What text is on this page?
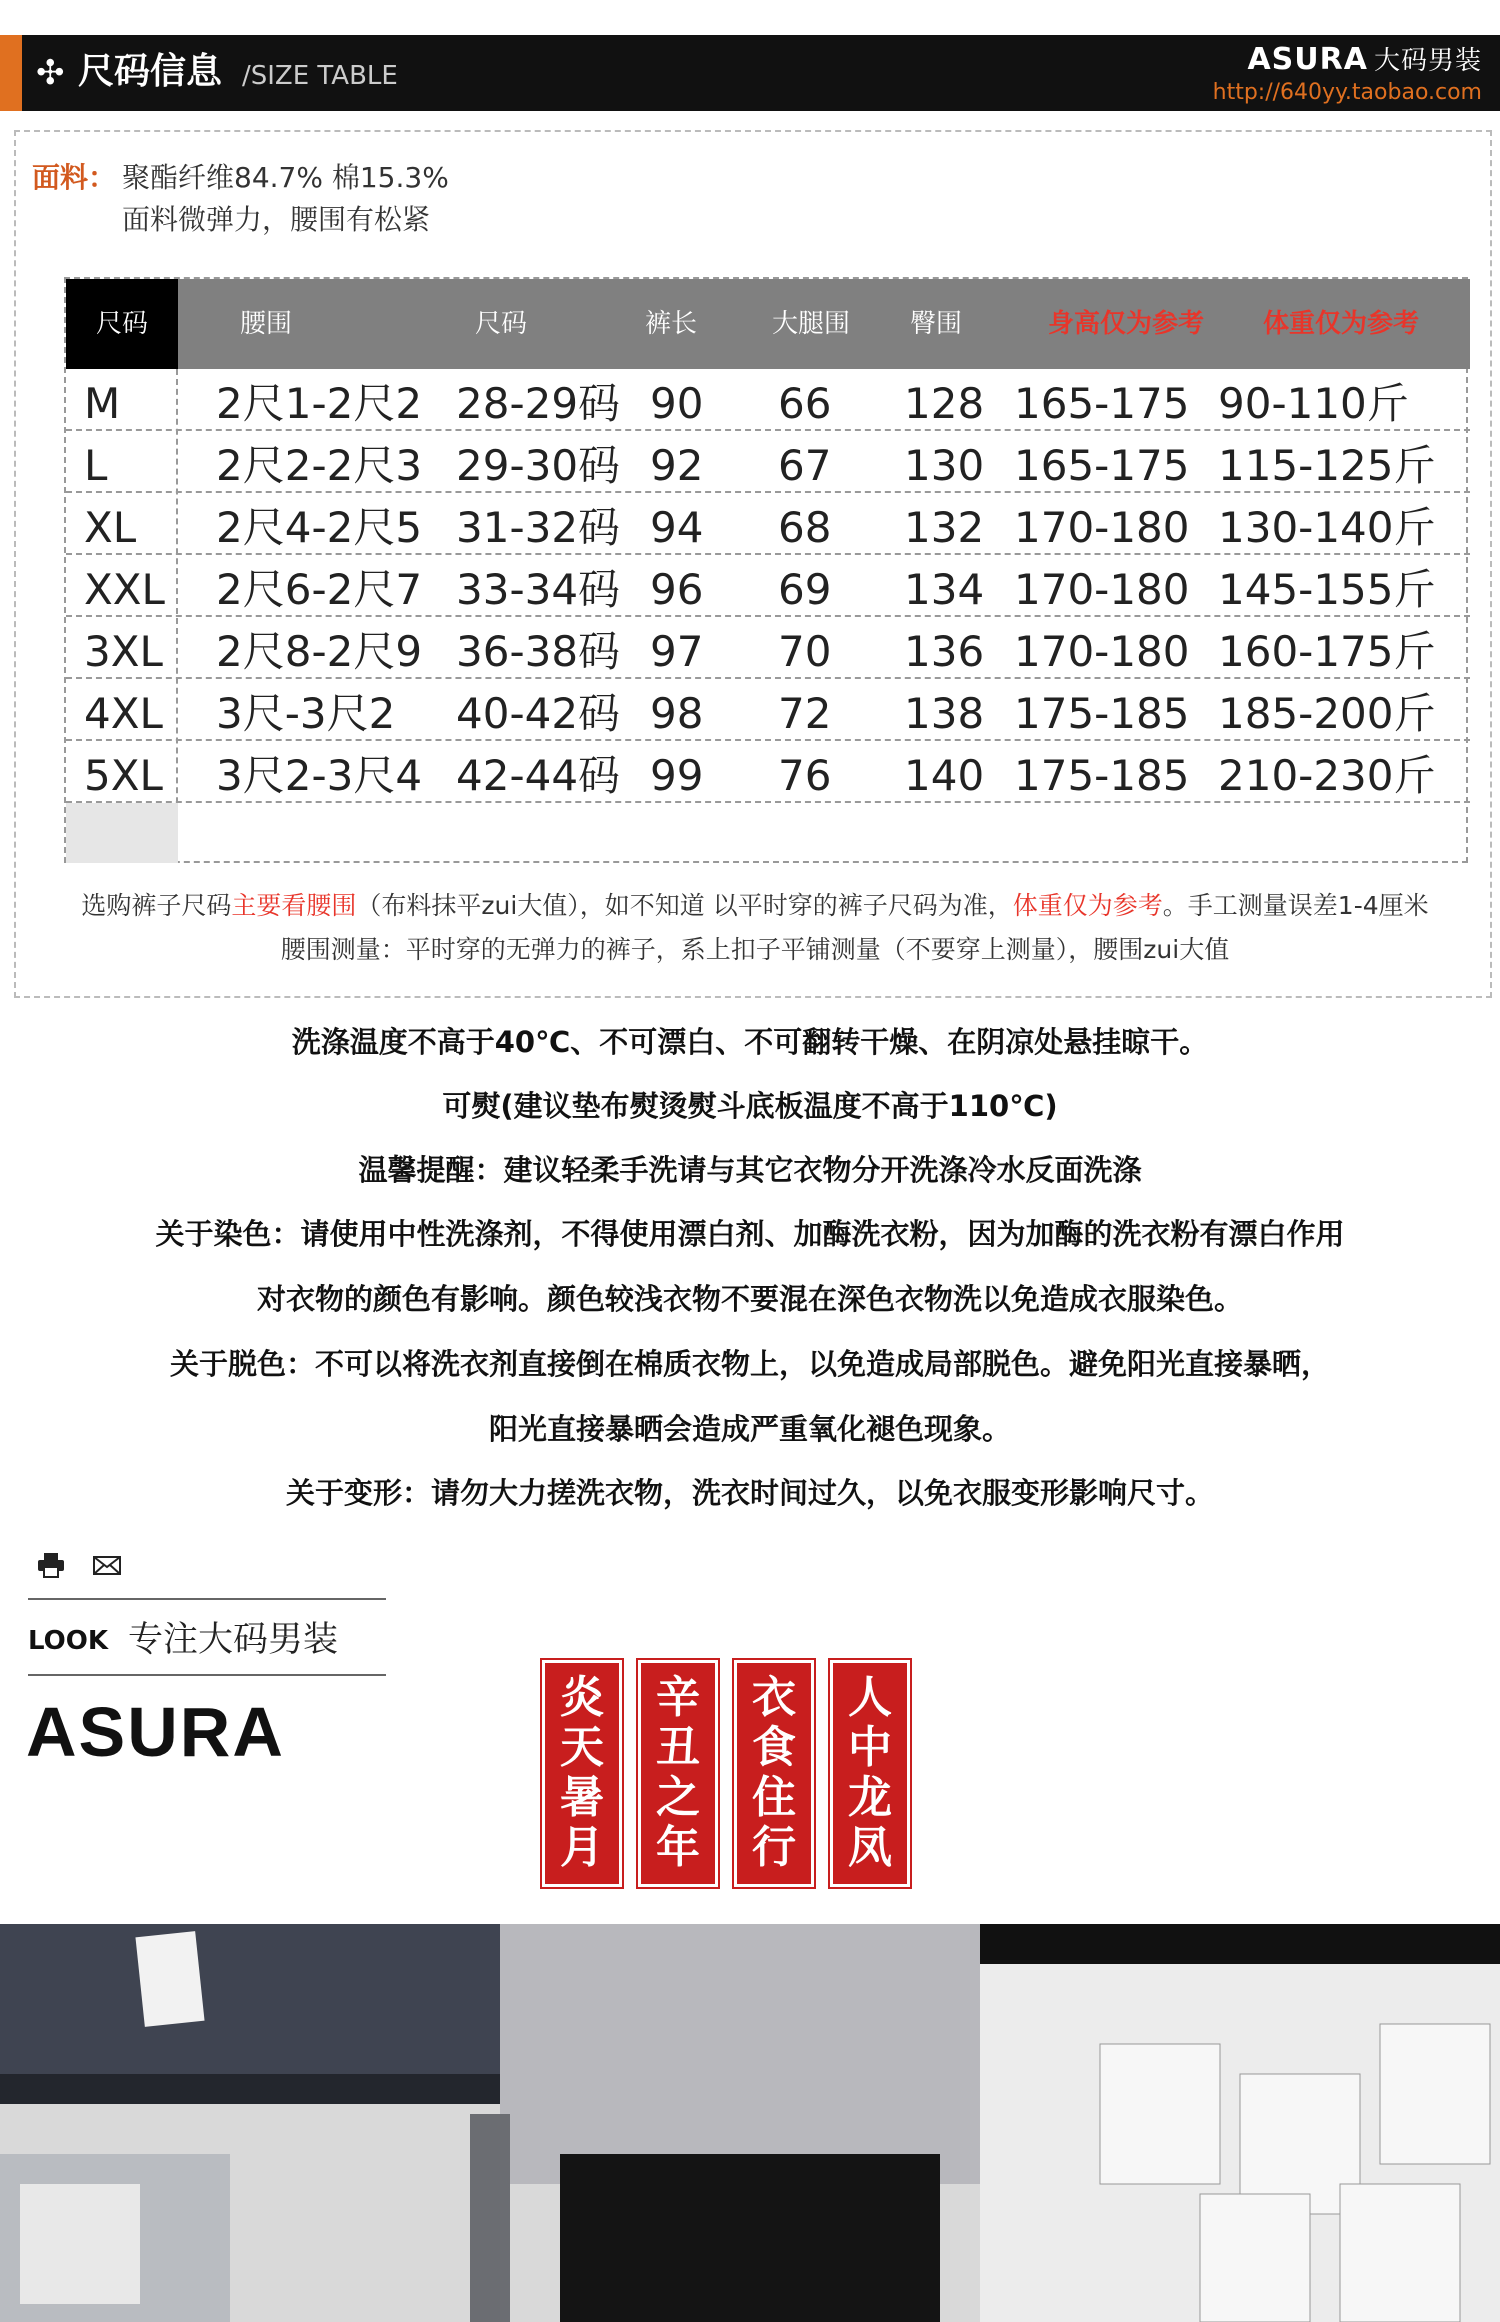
✣ 尺码信息 /SIZE TABLE	ASURA 大码男装
http://640yy.taobao.com
面料： 聚酯纤维84.7% 棉15.3%
面料微弹力，腰围有松紧
尺码	腰围	尺码	裤长	大腿围	臀围	身高仅为参考	体重仅为参考
M 2尺1-2尺2 28-29码 90 66 128 165-175 90-110斤
L	2尺2-2尺3 29-30码 92 67 130 165-175 115-125斤
XL 2尺4-2尺5 31-32码 94 68 132 170-180 130-140斤
XXL 2尺6-2尺7 33-34码 96 69 134 170-180 145-155斤
3XL 2尺8-2尺9 36-38码 97 70 136 170-180 160-175斤
4XL 3尺-3尺2 40-42码 98 72 138 175-185 185-200斤
5XL 3尺2-3尺4 42-44码 99 76 140 175-185 210-230斤
选购裤子尺码主要看腰围（布料抹平zui大值），如不知道 以平时穿的裤子尺码为准，体重仅为参考。手工测量误差1-4厘米
腰围测量：平时穿的无弹力的裤子，系上扣子平铺测量（不要穿上测量），腰围zui大值
洗涤温度不高于40℃、不可漂白、不可翻转干燥、在阴凉处悬挂晾干。
可熨(建议垫布熨烫熨斗底板温度不高于110℃)
温馨提醒：建议轻柔手洗请与其它衣物分开洗涤冷水反面洗涤
关于染色：请使用中性洗涤剂，不得使用漂白剂、加酶洗衣粉，因为加酶的洗衣粉有漂白作用
对衣物的颜色有影响。颜色较浅衣物不要混在深色衣物洗以免造成衣服染色。
关于脱色：不可以将洗衣剂直接倒在棉质衣物上，以免造成局部脱色。避免阳光直接暴晒，
阳光直接暴晒会造成严重氧化褪色现象。
关于变形：请勿大力搓洗衣物，洗衣时间过久，以免衣服变形影响尺寸。
LOOK 专注大码男装
ASURA	炎
天
暑
月
辛
丑
之
年
衣
食
住
行
人
中
龙
凤
